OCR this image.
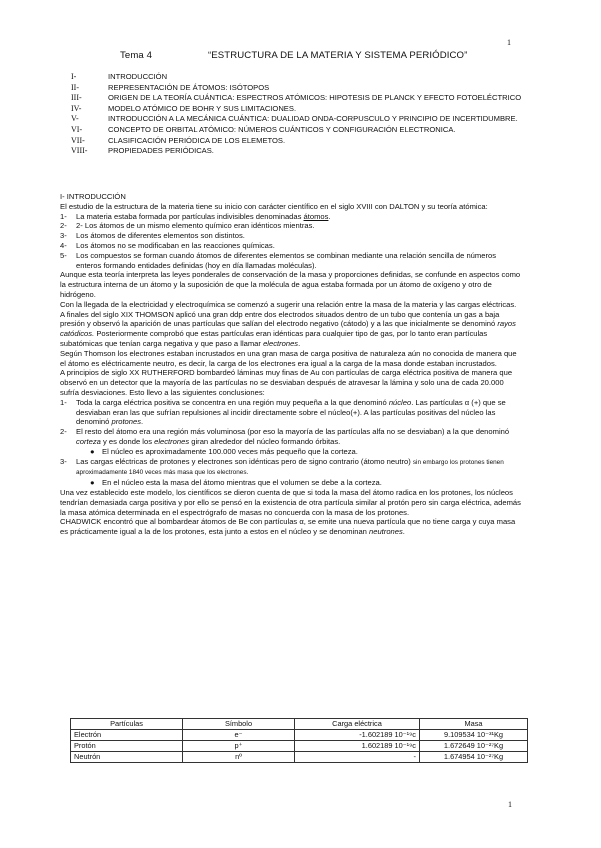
1
Tema 4	“ESTRUCTURA DE LA MATERIA Y SISTEMA PERIÓDICO”
I-	INTRODUCCIÓN
II-	REPRESENTACIÓN DE ÁTOMOS: ISÓTOPOS
III-	ORIGEN DE LA TEORÍA CUÁNTICA: ESPECTROS ATÓMICOS: HIPOTESIS DE PLANCK Y EFECTO FOTOELÉCTRICO
IV-	MODELO ATÓMICO DE BOHR Y SUS LIMITACIONES.
V-	INTRODUCCIÓN A LA MECÁNICA CUÁNTICA: DUALIDAD ONDA-CORPUSCULO Y PRINCIPIO DE INCERTIDUMBRE.
VI-	CONCEPTO DE ORBITAL ATÓMICO: NÚMEROS CUÁNTICOS Y CONFIGURACIÓN ELECTRONICA.
VII-	CLASIFICACIÓN PERIÓDICA DE LOS ELEMETOS.
VIII-	PROPIEDADES PERIÓDICAS.

I- INTRODUCCIÓN

El estudio de la estructura de la materia tiene su inicio con carácter científico en el siglo XVIII con DALTON y su teoría atómica:

1-	La materia estaba formada por partículas indivisibles denominadas átomos.
2-	2- Los átomos de un mismo elemento químico eran idénticos mientras.
3-	Los átomos de diferentes elementos son distintos.
4-	Los átomos no se modificaban en las reacciones químicas.
5-	Los compuestos se forman cuando átomos de diferentes elementos se combinan mediante una relación sencilla de números enteros formando entidades definidas (hoy en día llamadas moléculas).

Aunque esta teoría interpreta las leyes ponderales de conservación de la masa y proporciones definidas, se confunde en aspectos como la estructura interna de un átomo y la suposición de que la molécula de agua estaba formada por un átomo de oxígeno y otro de hidrógeno.

Con la llegada de la electricidad y electroquímica se comenzó a sugerir una relación entre la masa de la materia y las cargas eléctricas. A finales del siglo XIX THOMSON aplicó una gran ddp entre dos electrodos situados dentro de un tubo que contenía un gas a baja presión y observó la aparición de unas partículas que salían del electrodo negativo (cátodo) y a las que inicialmente se denominó rayos catódicos. Posteriormente comprobó que estas partículas eran idénticas para cualquier tipo de gas, por lo tanto eran partículas subatómicas que tenían carga negativa y que paso a llamar electrones.

Según Thomson los electrones estaban incrustados en una gran masa de carga positiva de naturaleza aún no conocida de manera que el átomo es eléctricamente neutro, es decir, la carga de los electrones era igual a la carga de la masa donde estaban incrustados.

A principios de siglo XX RUTHERFORD bombardeó láminas muy finas de Au con partículas de carga eléctrica positiva de manera que observó en un detector que la mayoría de las partículas no se desviaban después de atravesar la lámina y solo una de cada 20.000 sufría desviaciones. Esto llevo a las siguientes conclusiones:

1-	Toda la carga eléctrica positiva se concentra en una región muy pequeña a la que denominó núcleo. Las partículas α (+) que se desviaban eran las que sufrían repulsiones al incidir directamente sobre el núcleo(+). A las partículas positivas del núcleo las denominó protones.
2-	El resto del átomo era una región más voluminosa (por eso la mayoría de las partículas alfa no se desviaban) a la que denominó corteza y es donde los electrones giran alrededor del núcleo formando órbitas.
● El núcleo es aproximadamente 100.000 veces más pequeño que la corteza.
3-	Las cargas eléctricas de protones y electrones son idénticas pero de signo contrario (átomo neutro) sin embargo los protones tienen aproximadamente 1840 veces más masa que los electrones.
● En el núcleo esta la masa del átomo mientras que el volumen se debe a la corteza.

Una vez establecido este modelo, los científicos se dieron cuenta de que si toda la masa del átomo radica en los protones, los núcleos tendrían demasiada carga positiva y por ello se pensó en la existencia de otra partícula similar al protón pero sin carga eléctrica, además la masa atómica determinada en el espectrógrafo de masas no concuerda con la masa de los protones.

CHADWICK encontró que al bombardear átomos de Be con partículas α, se emite una nueva partícula que no tiene carga y cuya masa es prácticamente igual a la de los protones, esta junto a estos en el núcleo y se denominan neutrones.

Partículas	Símbolo	Carga eléctrica	Masa
Electrón	e⁻	-1.602189 10⁻¹⁹c	9.109534 10⁻³¹Kg
Protón	p⁺	1.602189 10⁻¹⁹c	1.672649 10⁻²⁷Kg
Neutrón	nº	-	1.674954 10⁻²⁷Kg
1
